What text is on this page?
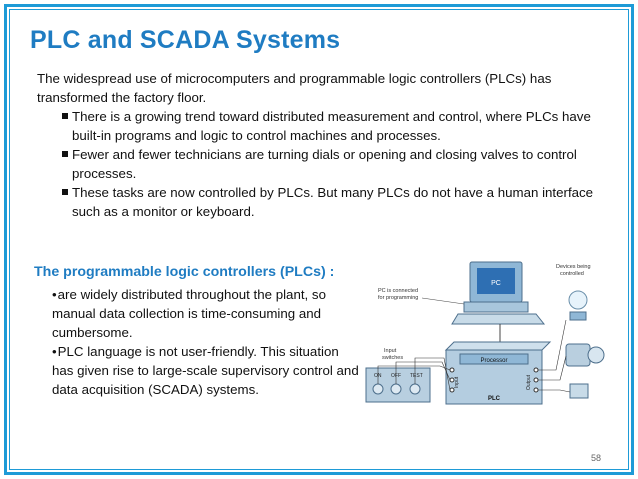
PLC and SCADA Systems
The widespread use of microcomputers and programmable logic controllers (PLCs) has transformed the factory floor.
There is a growing trend toward distributed measurement and control, where PLCs have built-in programs and logic to control machines and processes.
Fewer and fewer technicians are turning dials or opening and closing valves to control processes.
These tasks are now controlled by PLCs. But many PLCs do not have a human interface such as a monitor or keyboard.
The programmable logic controllers (PLCs) :
•are widely distributed throughout the plant, so manual data collection is time-consuming and cumbersome.
•PLC language is not user-friendly. This situation has given rise to large-scale supervisory control and data acquisition (SCADA) systems.
PC
PC is connected for programming
Devices being controlled
Input switches
ON OFF TEST
Processor
Input	Output
PLC
58
